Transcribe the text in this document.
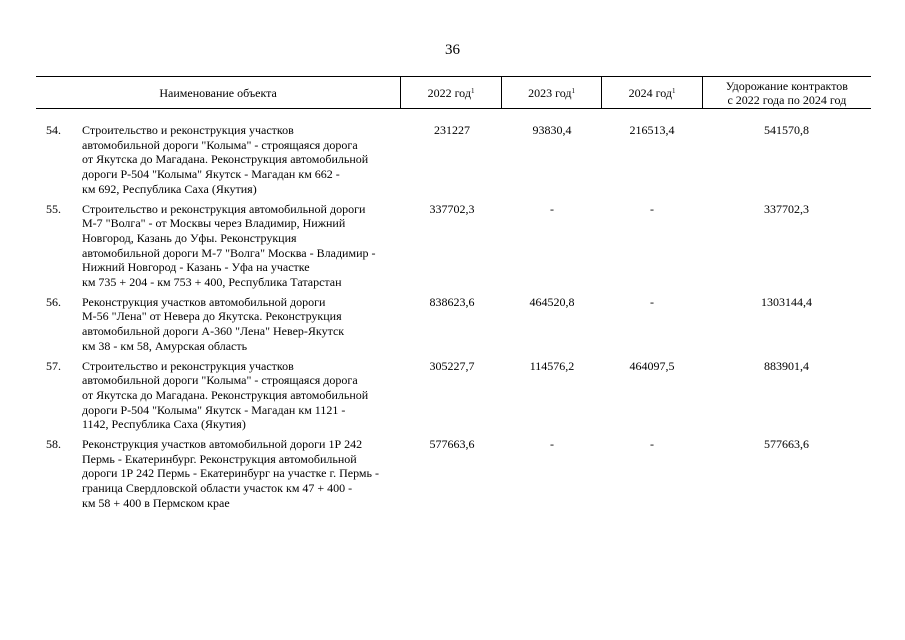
36
Наименование объекта	2022 год$^1$	2023 год$^1$	2024 год$^1$	Удорожание контрактов
с 2022 года по 2024 год
54.	Строительство и реконструкция участков
автомобильной дороги "Колыма" - строящаяся дорога
от Якутска до Магадана. Реконструкция автомобильной
дороги Р-504 "Колыма" Якутск - Магадан км 662 -
км 692, Республика Саха (Якутия)
231227	93830,4	216513,4	541570,8
55.	Строительство и реконструкция автомобильной дороги
М-7 "Волга" - от Москвы через Владимир, Нижний
Новгород, Казань до Уфы. Реконструкция
автомобильной дороги М-7 "Волга" Москва - Владимир -
Нижний Новгород - Казань - Уфа на участке
км 735 + 204 - км 753 + 400, Республика Татарстан
337702,3	-	-	337702,3
56.	Реконструкция участков автомобильной дороги
М-56 "Лена" от Невера до Якутска. Реконструкция
автомобильной дороги А-360 "Лена" Невер-Якутск
км 38 - км 58, Амурская область
838623,6	464520,8	-	1303144,4
57.	Строительство и реконструкция участков
автомобильной дороги "Колыма" - строящаяся дорога
от Якутска до Магадана. Реконструкция автомобильной
дороги Р-504 "Колыма" Якутск - Магадан км 1121 -
1142, Республика Саха (Якутия)
305227,7	114576,2	464097,5	883901,4
58.	Реконструкция участков автомобильной дороги 1Р 242
Пермь - Екатеринбург. Реконструкция автомобильной
дороги 1Р 242 Пермь - Екатеринбург на участке г. Пермь -
граница Свердловской области участок км 47 + 400 -
км 58 + 400 в Пермском крае
577663,6	-	-	577663,6
